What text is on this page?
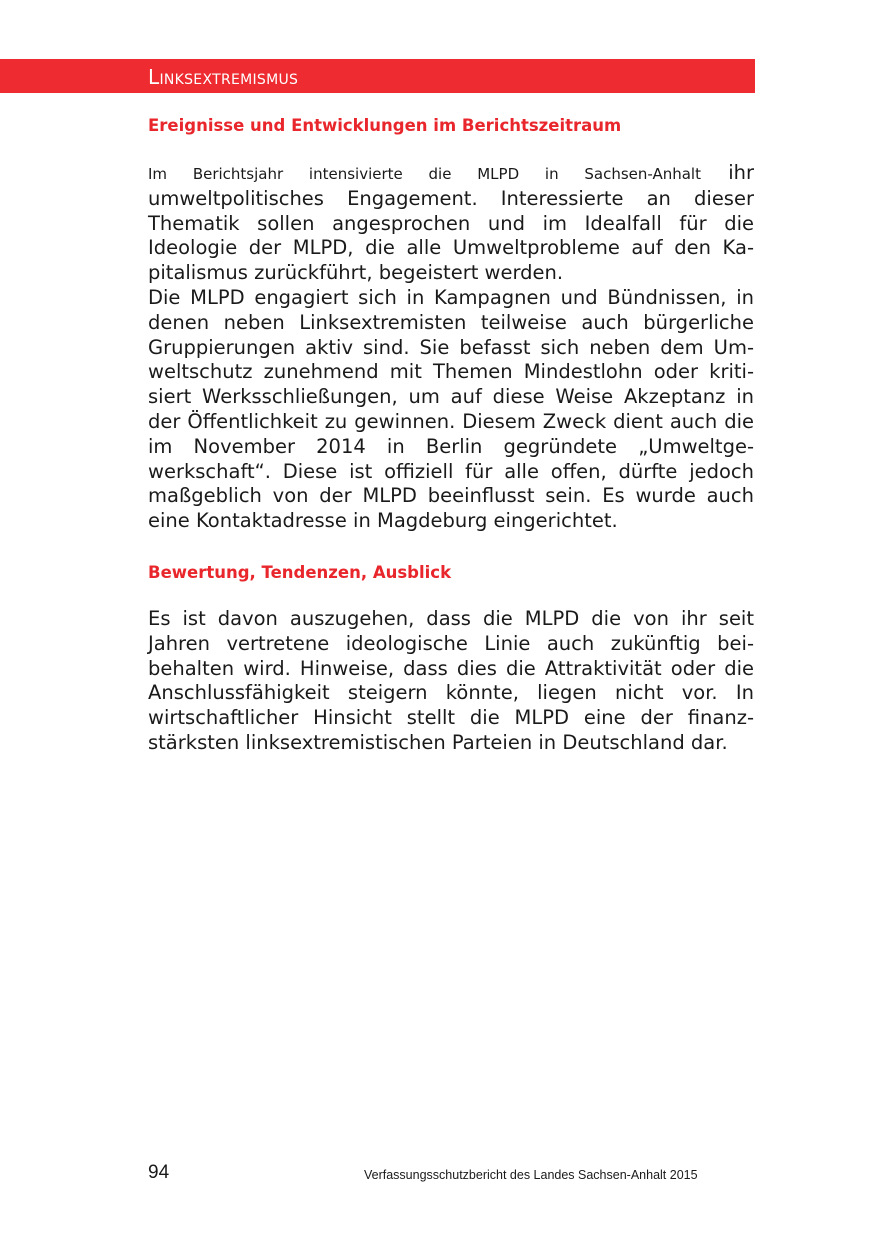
Linksextremismus
Ereignisse und Entwicklungen im Berichtszeitraum

Im Berichtsjahr intensivierte die MLPD in Sachsen-Anhalt ihr umweltpolitisches Engagement. Interessierte an dieser Thematik sollen angesprochen und im Idealfall für die Ideologie der MLPD, die alle Umweltprobleme auf den Kapitalismus zurückführt, begeistert werden.

Die MLPD engagiert sich in Kampagnen und Bündnissen, in denen neben Linksextremisten teilweise auch bürgerliche Gruppierungen aktiv sind. Sie befasst sich neben dem Umweltschutz zunehmend mit Themen Mindestlohn oder kritisiert Werksschließungen, um auf diese Weise Akzeptanz in der Öffentlichkeit zu gewinnen. Diesem Zweck dient auch die im November 2014 in Berlin gegründete „Umweltgewerkschaft“. Diese ist offiziell für alle offen, dürfte jedoch maßgeblich von der MLPD beeinflusst sein. Es wurde auch eine Kontaktadresse in Magdeburg eingerichtet.

Bewertung, Tendenzen, Ausblick

Es ist davon auszugehen, dass die MLPD die von ihr seit Jahren vertretene ideologische Linie auch zukünftig beibehalten wird. Hinweise, dass dies die Attraktivität oder die Anschlussfähigkeit steigern könnte, liegen nicht vor. In wirtschaftlicher Hinsicht stellt die MLPD eine der finanzstärksten linksextremistischen Parteien in Deutschland dar.

94	Verfassungsschutzbericht des Landes Sachsen-Anhalt 2015
